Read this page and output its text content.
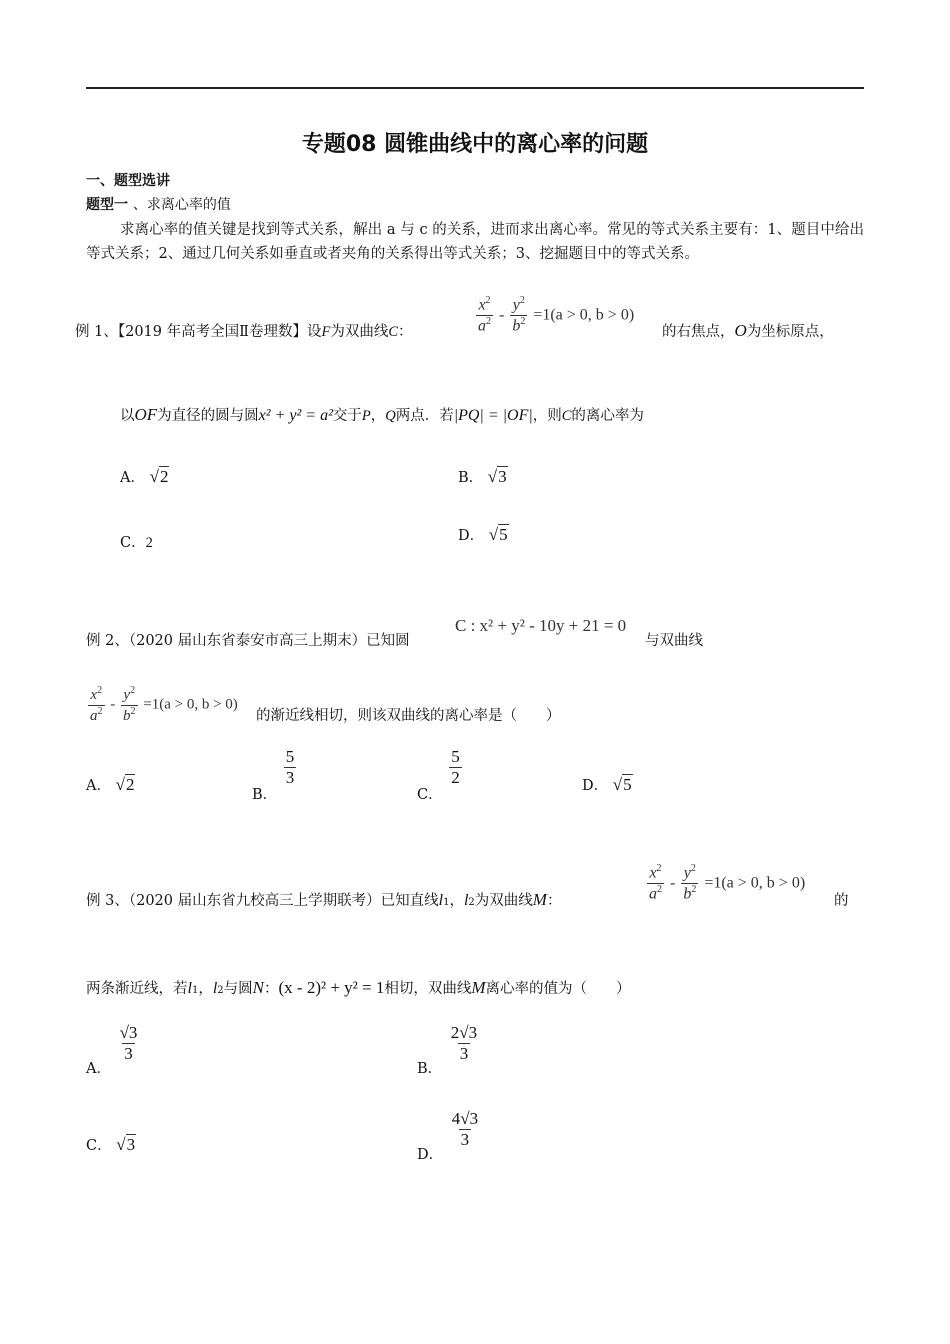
专题08 圆锥曲线中的离心率的问题
一、题型选讲
题型一 、求离心率的值
求离心率的值关键是找到等式关系，解出 a 与 c 的关系，进而求出离心率。常见的等式关系主要有：1、题目中给出等式关系；2、通过几何关系如垂直或者夹角的关系得出等式关系；3、挖掘题目中的等式关系。
例 1、【2019 年高考全国Ⅱ卷理数】设F为双曲线C：	$\frac{x^2}{a^2} - \frac{y^2}{b^2} =1(a > 0$, b > 0)
的右焦点，O为坐标原点，
以OF为直径的圆与圆x² + y² = a²交于P，Q两点．若|PQ| = |OF|，则C的离心率为
A． √2	B． √3
C．2	D． √5
例 2、（2020 届山东省泰安市高三上期末）已知圆
C : x² + y² - 10y + 21 = 0
与双曲线
$\frac{x^2}{a^2} - \frac{y^2}{b^2} =1(a > 0$, b > 0)
的渐近线相切，则该双曲线的离心率是（　　）
A． √2
B．
$\frac{5}{3}$
C．
$\frac{5}{2}$	D． √5
例 3、（2020 届山东省九校高三上学期联考）已知直线l1，l2为双曲线M：	$\frac{x^2}{a^2} - \frac{y^2}{b^2} =1(a > 0$, b > 0)
的
两条渐近线，若l1，l2与圆N：(x - 2)² + y² = 1相切，双曲线M离心率的值为（　　）
A．
$\frac{√3}{3}$
B．
$\frac{2√3}{3}$
C． √3
D．
$\frac{4√3}{3}$
